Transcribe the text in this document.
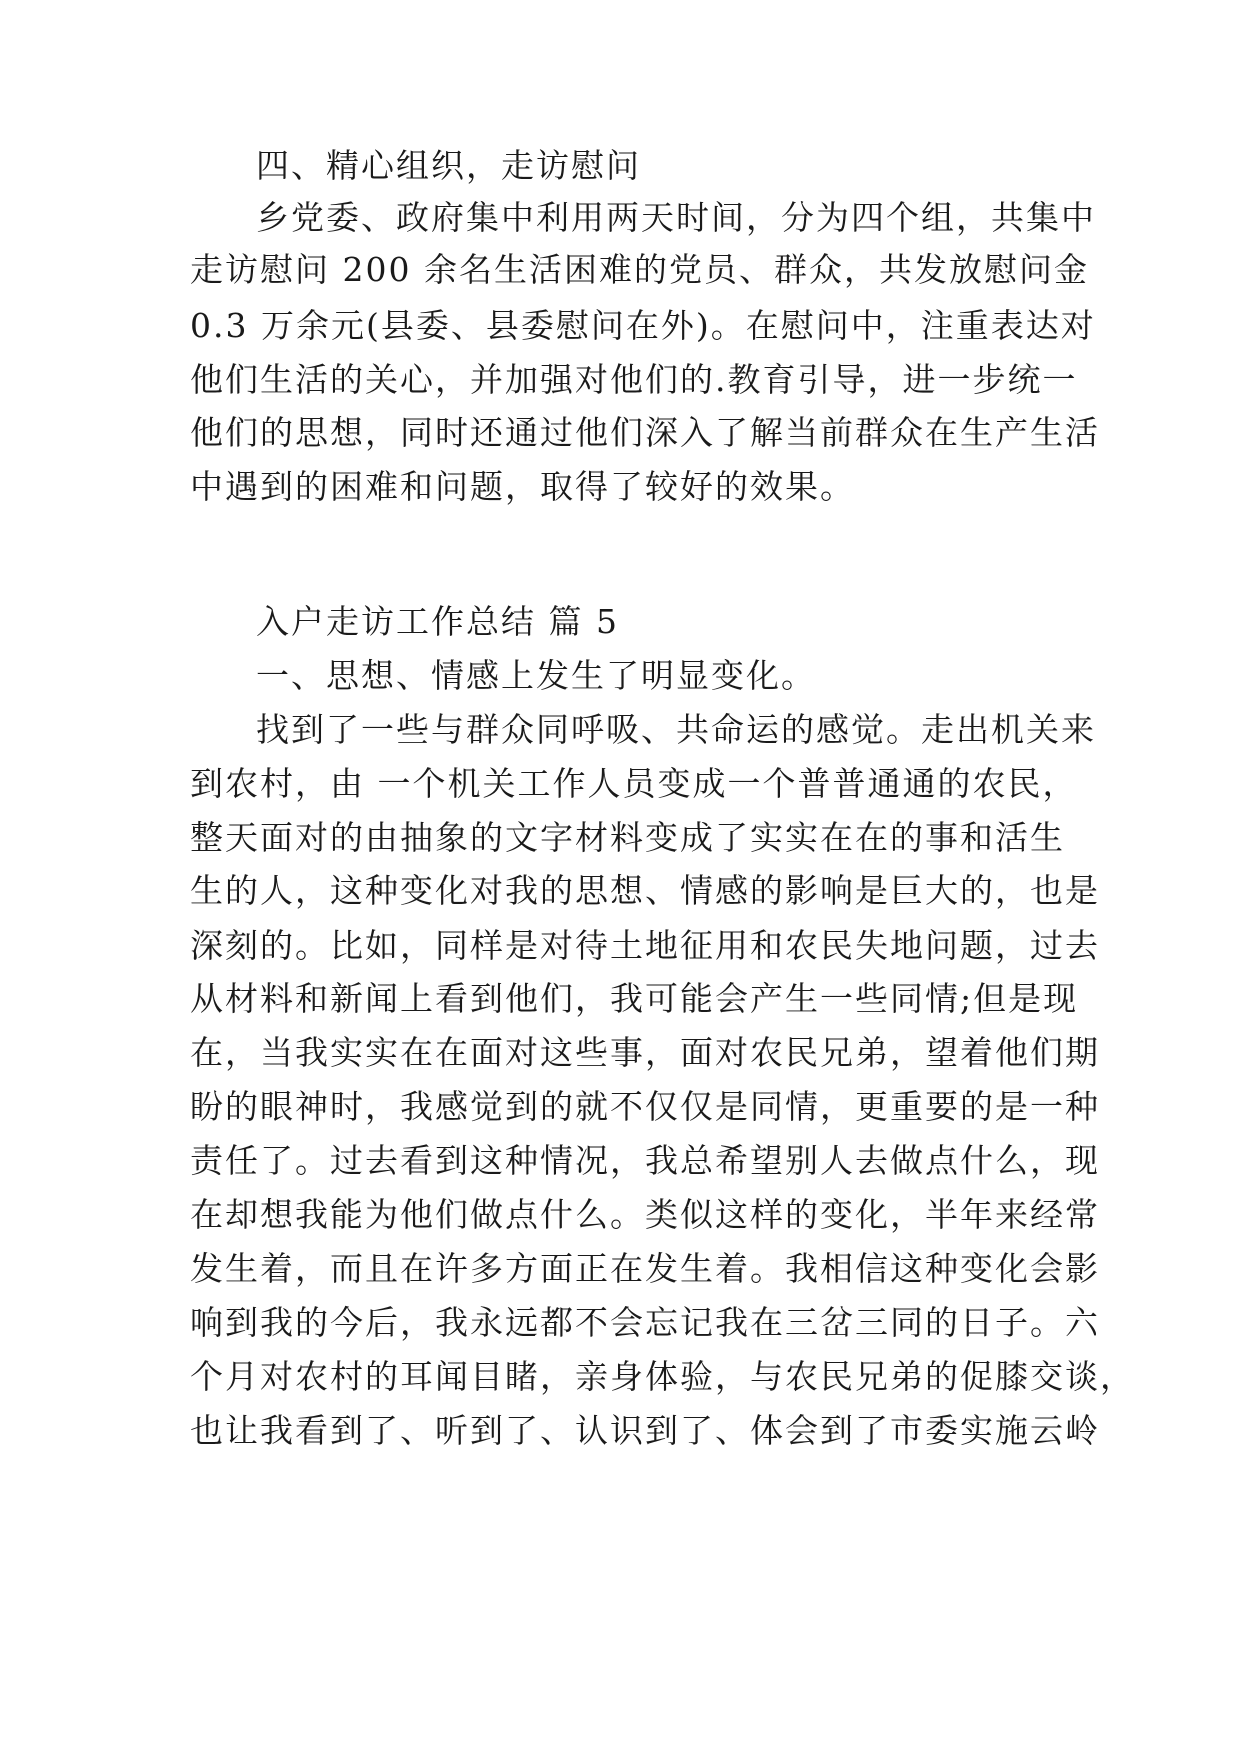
四、精心组织，走访慰问
乡党委、政府集中利用两天时间，分为四个组，共集中
走访慰问 200 余名生活困难的党员、群众，共发放慰问金
0.3 万余元(县委、县委慰问在外)。在慰问中，注重表达对
他们生活的关心，并加强对他们的.教育引导，进一步统一
他们的思想，同时还通过他们深入了解当前群众在生产生活
中遇到的困难和问题，取得了较好的效果。
入户走访工作总结 篇 5
一、思想、情感上发生了明显变化。
找到了一些与群众同呼吸、共命运的感觉。走出机关来
到农村，由 一个机关工作人员变成一个普普通通的农民，
整天面对的由抽象的文字材料变成了实实在在的事和活生
生的人，这种变化对我的思想、情感的影响是巨大的，也是
深刻的。比如，同样是对待土地征用和农民失地问题，过去
从材料和新闻上看到他们，我可能会产生一些同情;但是现
在，当我实实在在面对这些事，面对农民兄弟，望着他们期
盼的眼神时，我感觉到的就不仅仅是同情，更重要的是一种
责任了。过去看到这种情况，我总希望别人去做点什么，现
在却想我能为他们做点什么。类似这样的变化，半年来经常
发生着，而且在许多方面正在发生着。我相信这种变化会影
响到我的今后，我永远都不会忘记我在三岔三同的日子。六
个月对农村的耳闻目睹，亲身体验，与农民兄弟的促膝交谈，
也让我看到了、听到了、认识到了、体会到了市委实施云岭
